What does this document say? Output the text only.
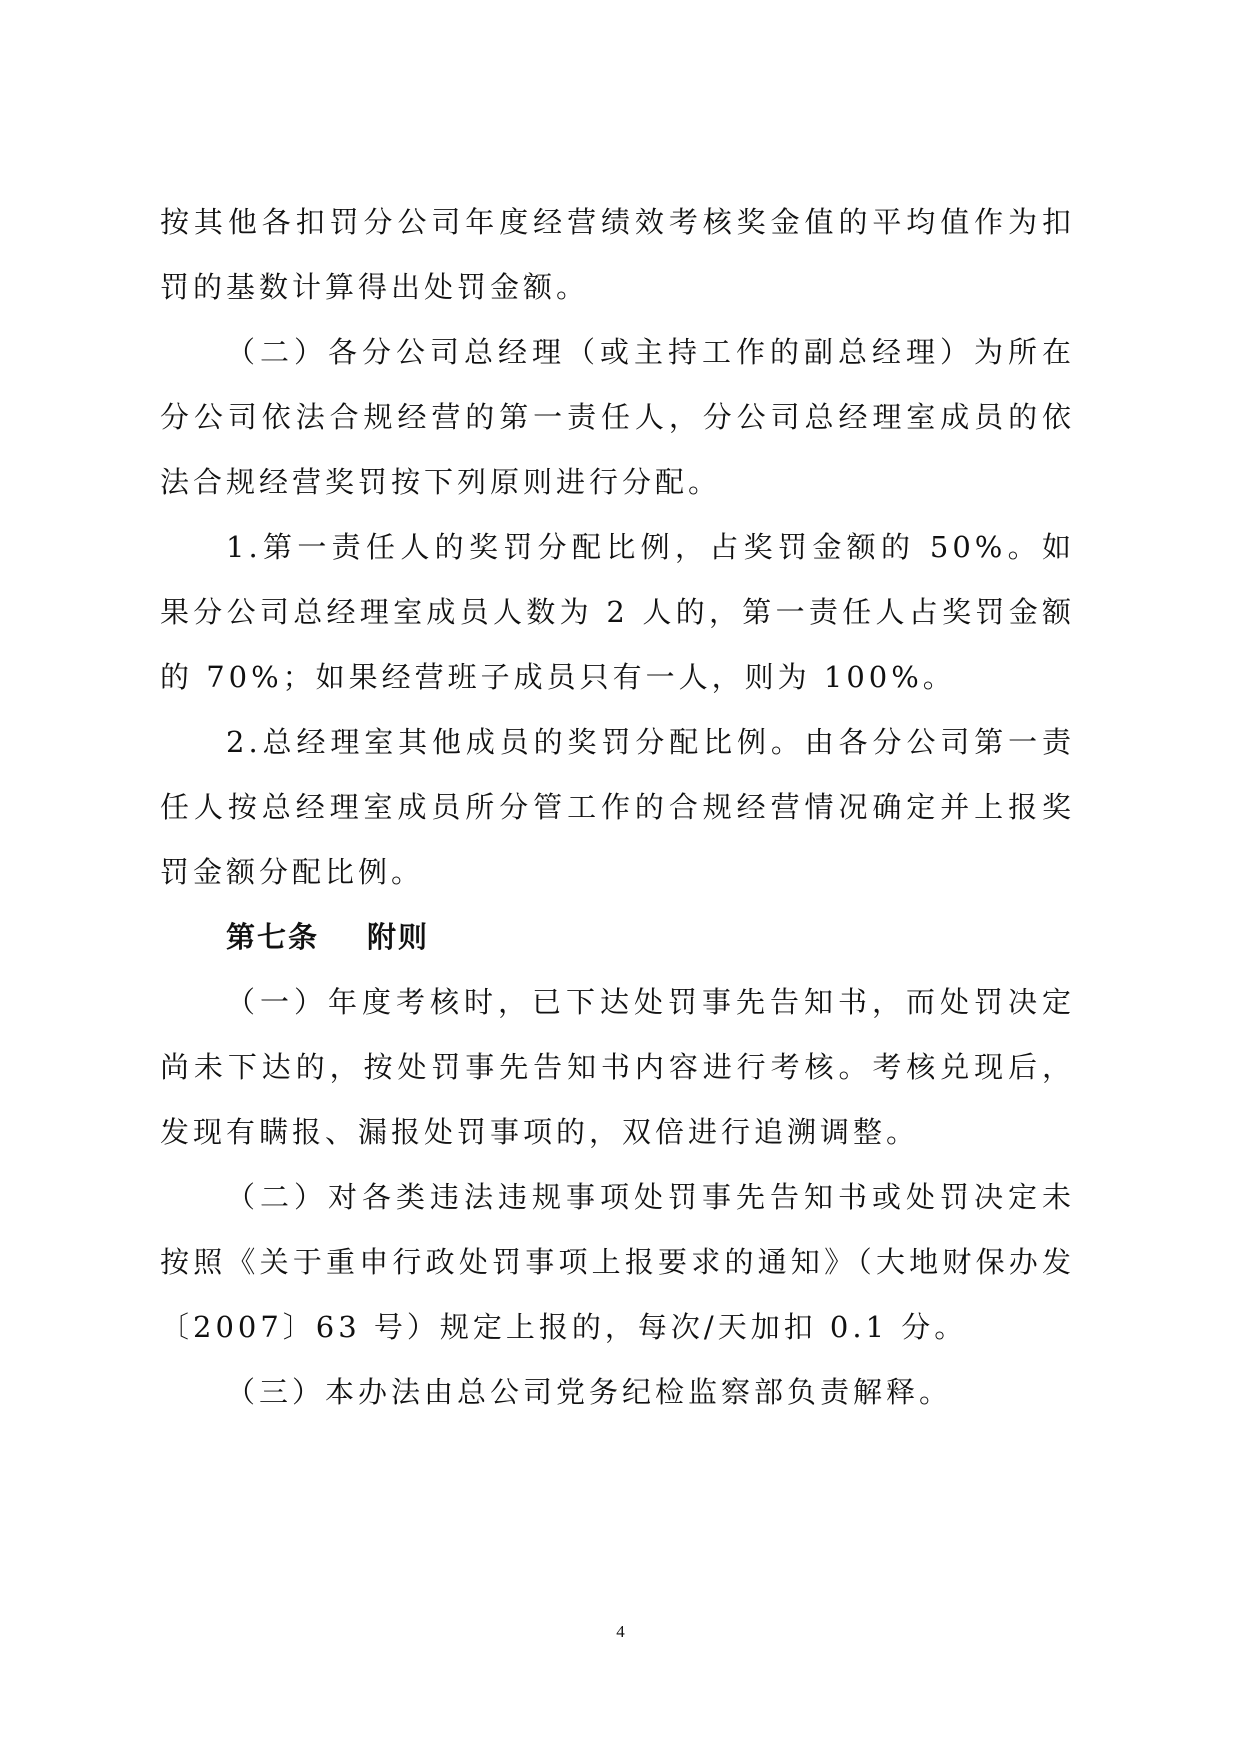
按其他各扣罚分公司年度经营绩效考核奖金值的平均值作为扣罚的基数计算得出处罚金额。

（二）各分公司总经理（或主持工作的副总经理）为所在分公司依法合规经营的第一责任人，分公司总经理室成员的依法合规经营奖罚按下列原则进行分配。

1.第一责任人的奖罚分配比例，占奖罚金额的 50%。如果分公司总经理室成员人数为 2 人的，第一责任人占奖罚金额的 70%；如果经营班子成员只有一人，则为 100%。

2.总经理室其他成员的奖罚分配比例。由各分公司第一责任人按总经理室成员所分管工作的合规经营情况确定并上报奖罚金额分配比例。

第七条 附则

（一）年度考核时，已下达处罚事先告知书，而处罚决定尚未下达的，按处罚事先告知书内容进行考核。考核兑现后，发现有瞒报、漏报处罚事项的，双倍进行追溯调整。

（二）对各类违法违规事项处罚事先告知书或处罚决定未按照《关于重申行政处罚事项上报要求的通知》（大地财保办发〔2007〕63 号）规定上报的，每次/天加扣 0.1 分。

（三）本办法由总公司党务纪检监察部负责解释。

4
